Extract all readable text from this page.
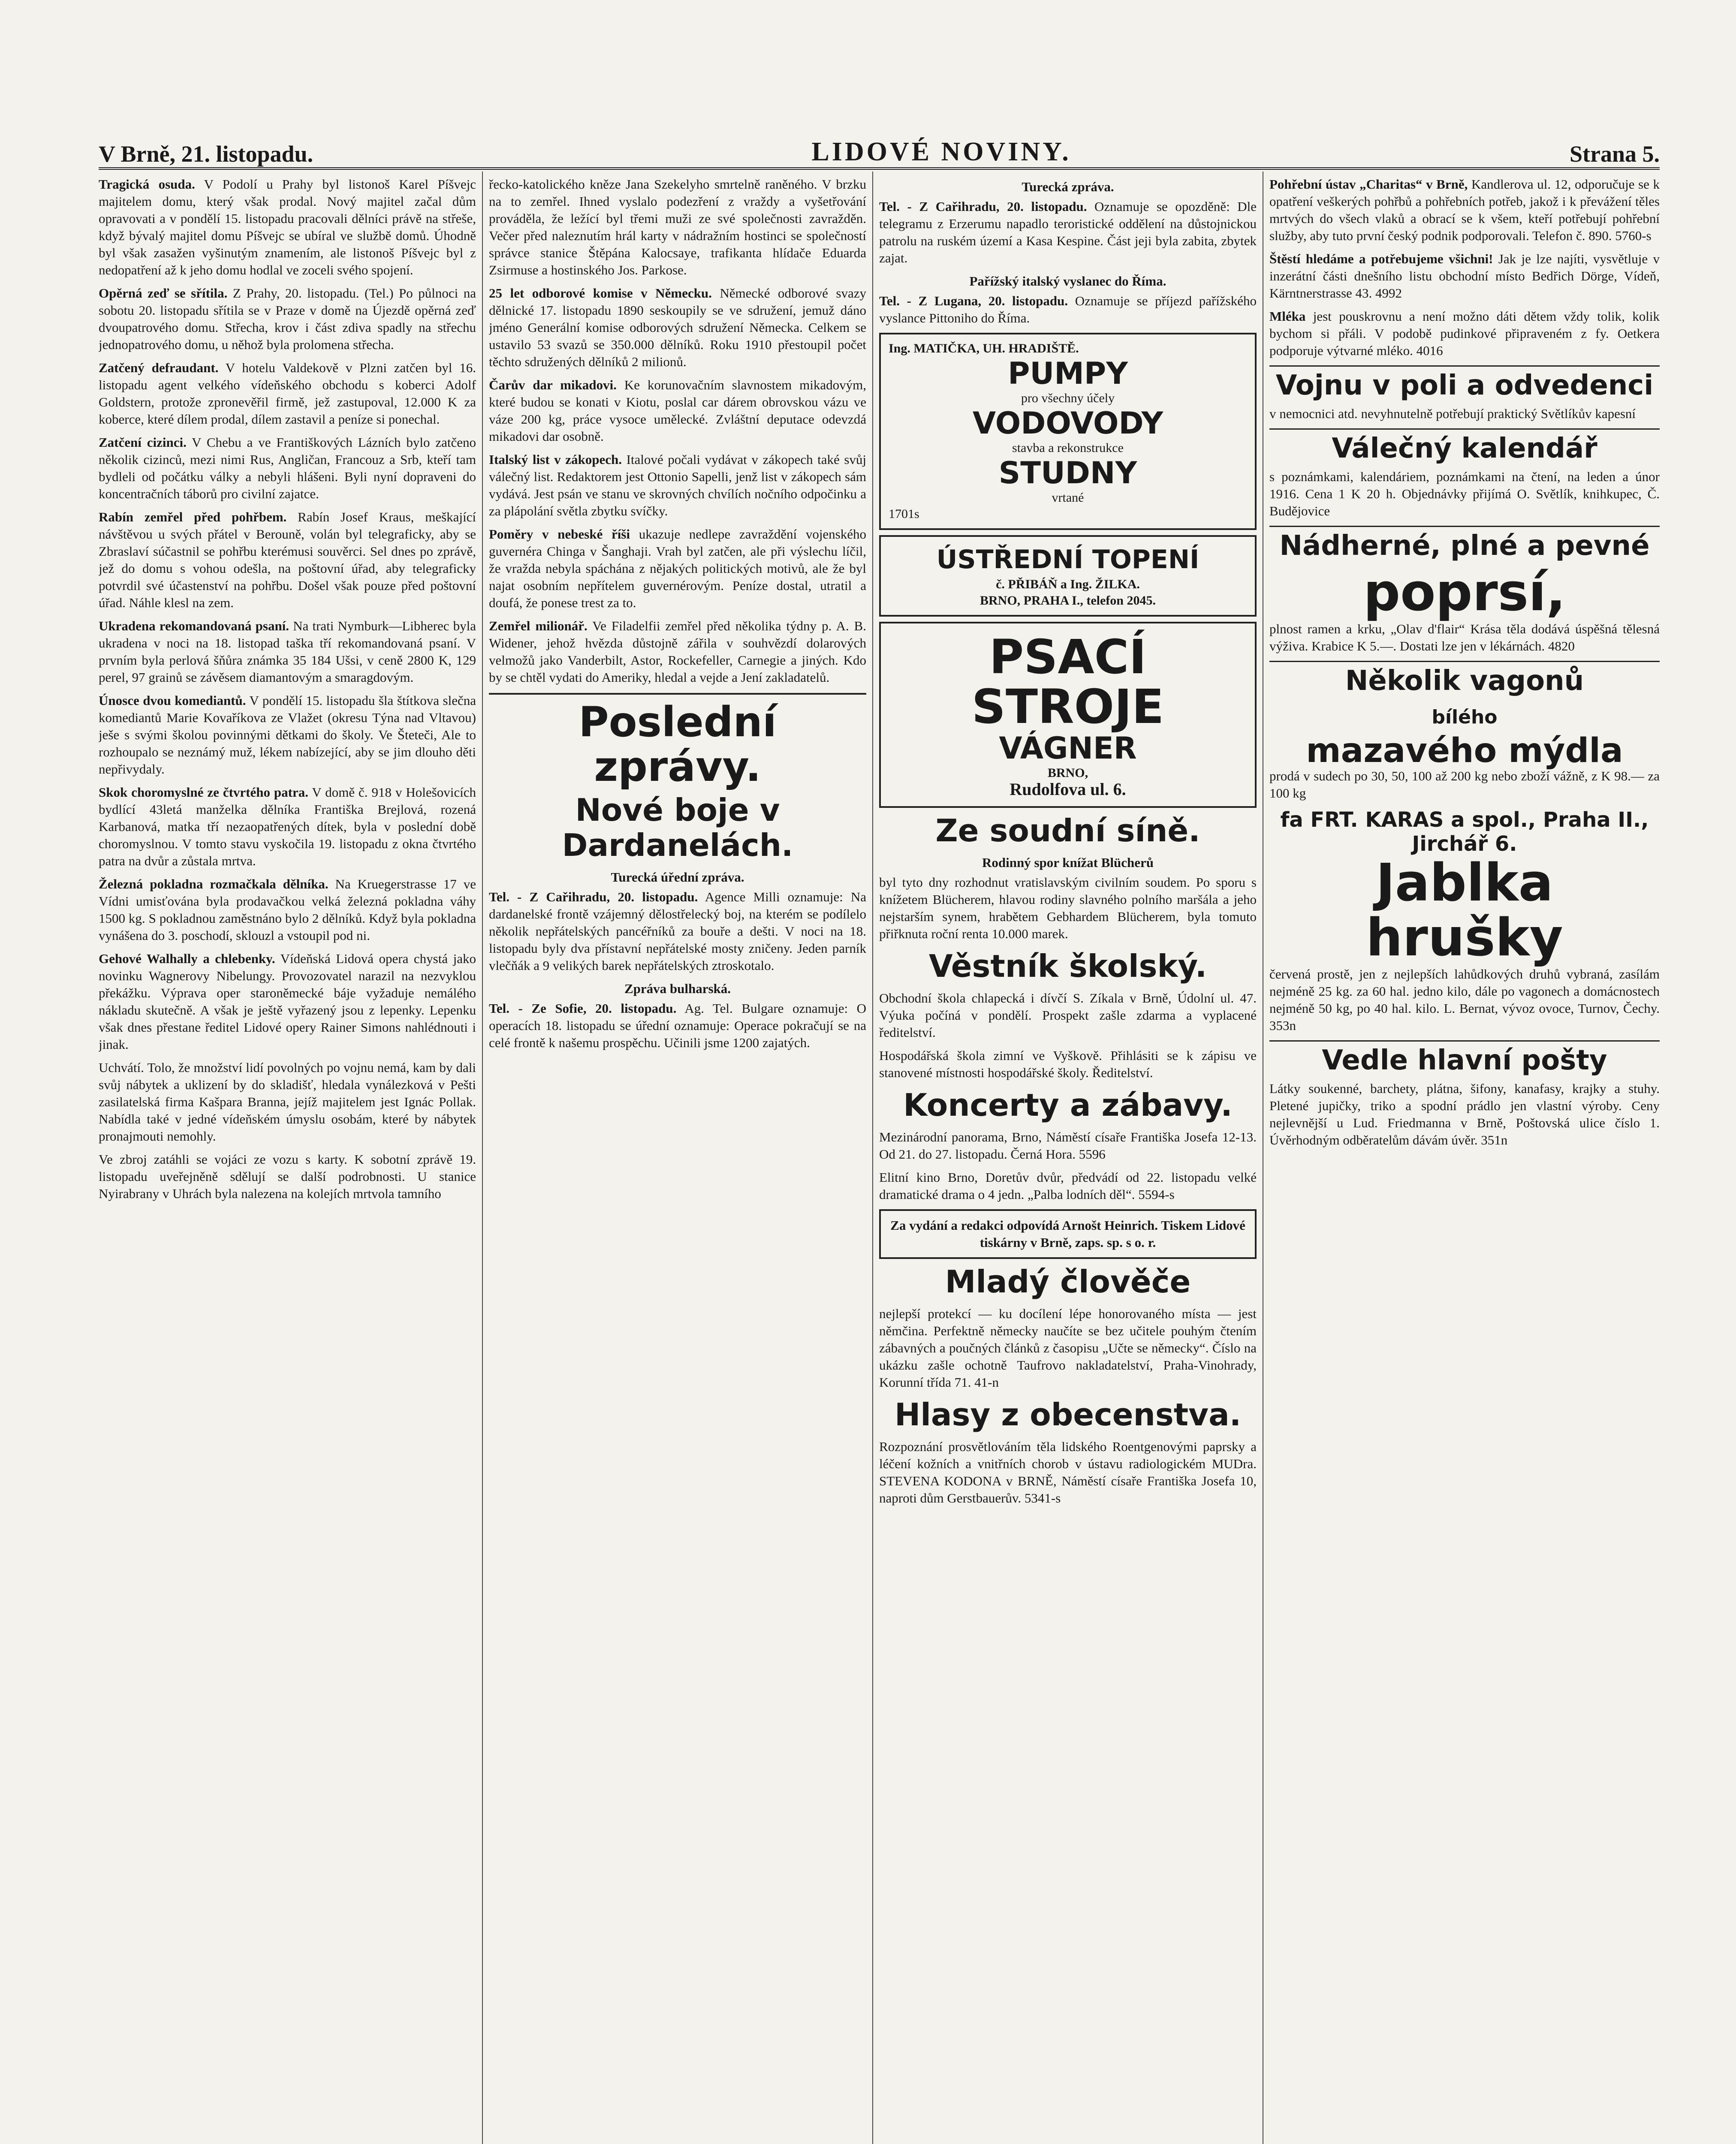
V Brně, 21. listopadu.	LIDOVÉ NOVINY.	Strana 5.
Tragická osuda. V Podolí u Prahy byl listonoš Karel Píšvejc majitelem domu, který však prodal. Nový majitel začal dům opravovati a v pondělí 15. listopadu pracovali dělníci právě na střeše, když bývalý majitel domu Píšvejc se ubíral ve službě domů. Úhodně byl však zasažen vyšinutým znamením, ale listonoš Píšvejc byl z nedopatření až k jeho domu hodlal ve zoceli svého spojení.
Opěrná zeď se sřítila. Z Prahy, 20. listopadu. (Tel.) Po půlnoci na sobotu 20. listopadu sřítila se v Praze v domě na Újezdě opěrná zeď dvoupatrového domu. Střecha, krov i část zdiva spadly na střechu jednopatrového domu, u něhož byla prolomena střecha.
Zatčený defraudant. V hotelu Valdekově v Plzni zatčen byl 16. listopadu agent velkého vídeňského obchodu s koberci Adolf Goldstern, protože zpronevěřil firmě, jež zastupoval, 12.000 K za koberce, které dílem prodal, dílem zastavil a peníze si ponechal.
Zatčení cizinci. V Chebu a ve Františkových Lázních bylo zatčeno několik cizinců, mezi nimi Rus, Angličan, Francouz a Srb, kteří tam bydleli od počátku války a nebyli hlášeni. Byli nyní dopraveni do koncentračních táborů pro civilní zajatce.
Rabín zemřel před pohřbem. Rabín Josef Kraus, meškající návštěvou u svých přátel v Berouně, volán byl telegraficky, aby se Zbraslaví súčastnil se pohřbu kterémusi souvěrci. Sel dnes po zprávě, jež do domu s vohou odešla, na poštovní úřad, aby telegraficky potvrdil své účastenství na pohřbu. Došel však pouze před poštovní úřad. Náhle klesl na zem.
Ukradena rekomandovaná psaní. Na trati Nymburk—Libherec byla ukradena v noci na 18. listopad taška tří rekomandovaná psaní. V prvním byla perlová šňůra známka 35 184 Ušsi, v ceně 2800 K, 129 perel, 97 grainů se závěsem diamantovým a smaragdovým.
Únosce dvou komediantů. V pondělí 15. listopadu šla štítkova slečna komediantů Marie Kovaříkova ze Vlažet (okresu Týna nad Vltavou) ješe s svými školou povinnými dětkami do školy. Ve Šteteči, Ale to rozhoupalo se neznámý muž, lékem nabízející, aby se jim dlouho děti nepřivydaly.
Skok choromyslné ze čtvrtého patra. V domě č. 918 v Holešovicích bydlící 43letá manželka dělníka Františka Brejlová, rozená Karbanová, matka tří nezaopatřených dítek, byla v poslední době choromyslnou. V tomto stavu vyskočila 19. listopadu z okna čtvrtého patra na dvůr a zůstala mrtva.
Železná pokladna rozmačkala dělníka. Na Kruegerstrasse 17 ve Vídni umisťována byla prodavačkou velká železná pokladna váhy 1500 kg. S pokladnou zaměstnáno bylo 2 dělníků. Když byla pokladna vynášena do 3. poschodí, sklouzl a vstoupil pod ni.
Gehové Walhally a chlebenky. Vídeňská Lidová opera chystá jako novinku Wagnerovy Nibelungy. Provozovatel narazil na nezvyklou překážku. Výprava oper staroněmecké báje vyžaduje nemálého nákladu skutečně. A však je ještě vyřazený jsou z lepenky. Lepenku však dnes přestane ředitel Lidové opery Rainer Simons nahlédnouti i jinak.
Uchvátí. Tolo, že množství lidí povolných po vojnu nemá, kam by dali svůj nábytek a uklizení by do skladišť, hledala vynálezková v Pešti zasilatelská firma Kašpara Branna, jejíž majitelem jest Ignác Pollak. Nabídla také v jedné vídeňském úmyslu osobám, které by nábytek pronajmouti nemohly.
Ve zbroj zatáhli se vojáci ze vozu s karty. K sobotní zprávě 19. listopadu uveřejněně sdělují se další podrobnosti. U stanice Nyirabrany v Uhrách byla nalezena na kolejích mrtvola tamního
řecko-katolického kněze Jana Szekelyho smrtelně raněného. V brzku na to zemřel. Ihned vyslalo podezření z vraždy a vyšetřování prováděla, že ležící byl třemi muži ze své společnosti zavražděn. Večer před naleznutím hrál karty v nádražním hostinci se společností správce stanice Štěpána Kalocsaye, trafikanta hlídače Eduarda Zsirmuse a hostinského Jos. Parkose.
25 let odborové komise v Německu. Německé odborové svazy dělnické 17. listopadu 1890 seskoupily se ve sdružení, jemuž dáno jméno Generální komise odborových sdružení Německa. Celkem se ustavilo 53 svazů se 350.000 dělníků. Roku 1910 přestoupil počet těchto sdružených dělníků 2 milionů.
Čarův dar mikadovi. Ke korunovačním slavnostem mikadovým, které budou se konati v Kiotu, poslal car dárem obrovskou vázu ve váze 200 kg, práce vysoce umělecké. Zvláštní deputace odevzdá mikadovi dar osobně.
Italský list v zákopech. Italové počali vydávat v zákopech také svůj válečný list. Redaktorem jest Ottonio Sapelli, jenž list v zákopech sám vydává. Jest psán ve stanu ve skrovných chvílích nočního odpočinku a za plápolání světla zbytku svíčky.
Poměry v nebeské říši ukazuje nedlepe zavraždění vojenského guvernéra Chinga v Šanghaji. Vrah byl zatčen, ale při výslechu líčil, že vražda nebyla spáchána z nějakých politických motivů, ale že byl najat osobním nepřítelem guvernérovým. Peníze dostal, utratil a doufá, že ponese trest za to.
Zemřel milionář. Ve Filadelfii zemřel před několika týdny p. A. B. Widener, jehož hvězda důstojně zářila v souhvězdí dolarových velmožů jako Vanderbilt, Astor, Rockefeller, Carnegie a jiných. Kdo by se chtěl vydati do Ameriky, hledal a vejde a Jení zakladatelů.
Poslední zprávy.
Nové boje v Dardanelách.
Turecká úřední zpráva.
Tel. - Z Cařihradu, 20. listopadu. Agence Milli oznamuje: Na dardanelské frontě vzájemný dělostřelecký boj, na kterém se podílelo několik nepřátelských pancéřníků za bouře a dešti. V noci na 18. listopadu byly dva přístavní nepřátelské mosty zničeny. Jeden parník vlečňák a 9 velikých barek nepřátelských ztroskotalo.
Zpráva bulharská.
Tel. - Ze Sofie, 20. listopadu. Ag. Tel. Bulgare oznamuje: O operacích 18. listopadu se úřední oznamuje: Operace pokračují se na celé frontě k našemu prospěchu. Učinili jsme 1200 zajatých.
Turecká zpráva.
Tel. - Z Cařihradu, 20. listopadu. Oznamuje se opozděně: Dle telegramu z Erzerumu napadlo teroristické oddělení na důstojnickou patrolu na ruském území a Kasa Kespine. Část jeji byla zabita, zbytek zajat.
Pařížský italský vyslanec do Říma.
Tel. - Z Lugana, 20. listopadu. Oznamuje se příjezd pařížského vyslance Pittoniho do Říma.
Ing. MATIČKA, UH. HRADIŠTĚ.
PUMPY
pro všechny účely
VODOVODY
stavba a rekonstrukce
STUDNY
vrtané
1701s
ÚSTŘEDNÍ TOPENÍ
č. PŘIBÁŇ a Ing. ŽILKA.
BRNO, PRAHA I., telefon 2045.
PSACÍ
STROJE
VÁGNER
BRNO,
Rudolfova ul. 6.
Ze soudní síně.
Rodinný spor knížat Blücherů
byl tyto dny rozhodnut vratislavským civilním soudem. Po sporu s knížetem Blücherem, hlavou rodiny slavného polního maršála a jeho nejstarším synem, hrabětem Gebhardem Blücherem, byla tomuto přiřknuta roční renta 10.000 marek.
Věstník školský.
Obchodní škola chlapecká i dívčí S. Zíkala v Brně, Údolní ul. 47. Výuka počíná v pondělí. Prospekt zašle zdarma a vyplacené ředitelství.
Hospodářská škola zimní ve Vyškově. Přihlásiti se k zápisu ve stanovené místnosti hospodářské školy. Ředitelství.
Koncerty a zábavy.
Mezinárodní panorama, Brno, Náměstí císaře Františka Josefa 12-13. Od 21. do 27. listopadu. Černá Hora. 5596
Elitní kino Brno, Doretův dvůr, předvádí od 22. listopadu velké dramatické drama o 4 jedn. „Palba lodních děl“. 5594-s
Za vydání a redakci odpovídá Arnošt Heinrich. Tiskem Lidové tiskárny v Brně, zaps. sp. s o. r.
Mladý člověče
nejlepší protekcí — ku docílení lépe honorovaného místa — jest němčina. Perfektně německy naučíte se bez učitele pouhým čtením zábavných a poučných článků z časopisu „Učte se německy“. Číslo na ukázku zašle ochotně Taufrovo nakladatelství, Praha-Vinohrady, Korunní třída 71. 41-n
Hlasy z obecenstva.
Rozpoznání prosvětlováním těla lidského Roentgenovými paprsky a léčení kožních a vnitřních chorob v ústavu radiologickém MUDra. STEVENA KODONA v BRNĚ, Náměstí císaře Františka Josefa 10, naproti dům Gerstbauerův. 5341-s
Pohřební ústav „Charitas“ v Brně, Kandlerova ul. 12, odporučuje se k opatření veškerých pohřbů a pohřebních potřeb, jakož i k převážení těles mrtvých do všech vlaků a obrací se k všem, kteří potřebují pohřební služby, aby tuto první český podnik podporovali. Telefon č. 890. 5760-s
Štěstí hledáme a potřebujeme všichni! Jak je lze najíti, vysvětluje v inzerátní části dnešního listu obchodní místo Bedřich Dörge, Vídeň, Kärntnerstrasse 43. 4992
Mléka jest pouskrovnu a není možno dáti dětem vždy tolik, kolik bychom si přáli. V podobě pudinkové připraveném z fy. Oetkera podporuje výtvarné mléko. 4016
Vojnu v poli a odvedenci
v nemocnici atd. nevyhnutelně potřebují praktický Světlíkův kapesní
Válečný kalendář
s poznámkami, kalendáriem, poznámkami na čtení, na leden a únor 1916. Cena 1 K 20 h. Objednávky přijímá O. Světlík, knihkupec, Č. Budějovice
Nádherné, plné a pevné
poprsí,
plnost ramen a krku, „Olav d'flair“ Krása těla dodává úspěšná tělesná výživa. Krabice K 5.—. Dostati lze jen v lékárnách. 4820
Několik vagonů
bílého
mazavého mýdla
prodá v sudech po 30, 50, 100 až 200 kg nebo zboží vážně, z K 98.— za 100 kg
fa FRT. KARAS a spol., Praha II., Jirchář 6.
Jablka hrušky
červená prostě, jen z nejlepších lahůdkových druhů vybraná, zasílám nejméně 25 kg. za 60 hal. jedno kilo, dále po vagonech a domácnostech nejméně 50 kg, po 40 hal. kilo. L. Bernat, vývoz ovoce, Turnov, Čechy. 353n
Vedle hlavní pošty
Látky soukenné, barchety, plátna, šifony, kanafasy, krajky a stuhy. Pletené jupičky, triko a spodní prádlo jen vlastní výroby. Ceny nejlevnější u Lud. Friedmanna v Brně, Poštovská ulice číslo 1. Úvěrhodným odběratelům dávám úvěr. 351n
